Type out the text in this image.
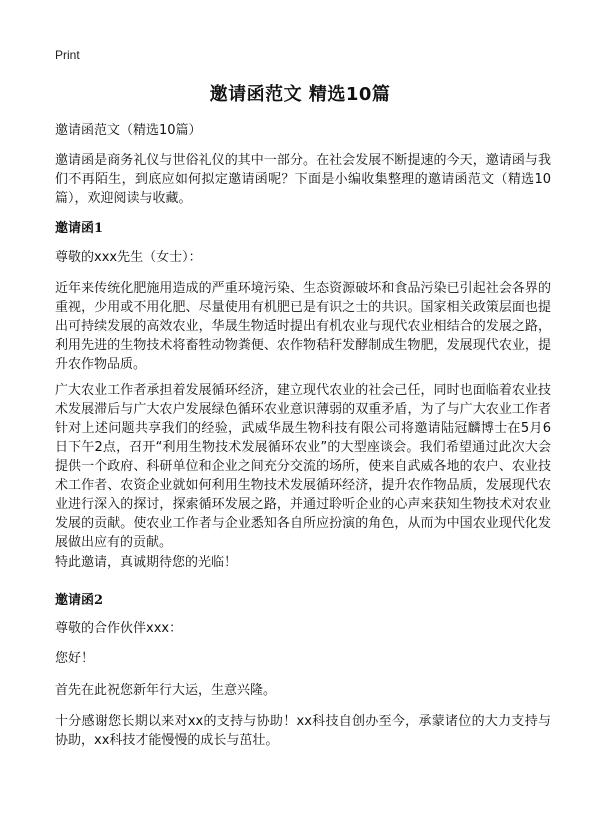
Print
邀请函范文 精选10篇

邀请函范文（精选10篇）

邀请函是商务礼仪与世俗礼仪的其中一部分。在社会发展不断提速的今天，邀请函与我们不再陌生，到底应如何拟定邀请函呢？下面是小编收集整理的邀请函范文（精选10篇），欢迎阅读与收藏。

邀请函1

尊敬的xxx先生（女士）：

近年来传统化肥施用造成的严重环境污染、生态资源破坏和食品污染已引起社会各界的重视，少用或不用化肥、尽量使用有机肥已是有识之士的共识。国家相关政策层面也提出可持续发展的高效农业，华晟生物适时提出有机农业与现代农业相结合的发展之路，利用先进的生物技术将畜牲动物粪便、农作物秸秆发酵制成生物肥，发展现代农业，提升农作物品质。

广大农业工作者承担着发展循环经济，建立现代农业的社会己任，同时也面临着农业技术发展滞后与广大农户发展绿色循环农业意识薄弱的双重矛盾，为了与广大农业工作者针对上述问题共享我们的经验，武威华晟生物科技有限公司将邀请陆冠麟博士在5月6日下午2点，召开“利用生物技术发展循环农业”的大型座谈会。我们希望通过此次大会提供一个政府、科研单位和企业之间充分交流的场所，使来自武威各地的农户、农业技术工作者、农资企业就如何利用生物技术发展循环经济，提升农作物品质，发展现代农业进行深入的探讨，探索循环发展之路，并通过聆听企业的心声来获知生物技术对农业发展的贡献。使农业工作者与企业悉知各自所应扮演的角色，从而为中国农业现代化发展做出应有的贡献。

特此邀请，真诚期待您的光临！

邀请函2

尊敬的合作伙伴xxx：

您好！

首先在此祝您新年行大运，生意兴隆。

十分感谢您长期以来对xx的支持与协助！xx科技自创办至今，承蒙诸位的大力支持与协助，xx科技才能慢慢的成长与茁壮。
